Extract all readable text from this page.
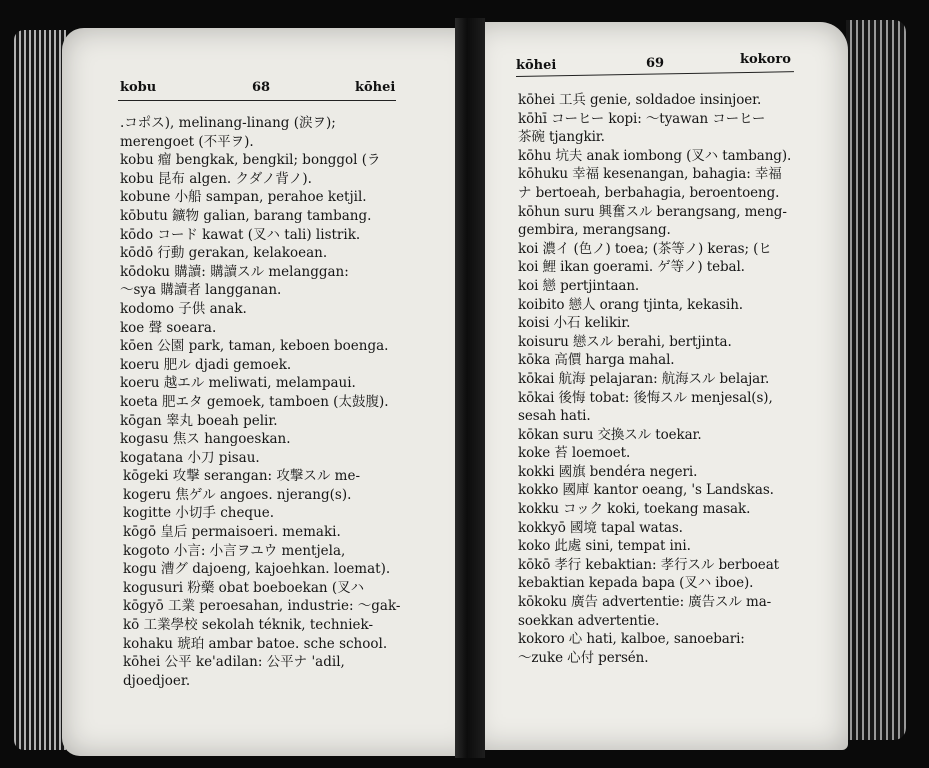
kobu	68	kōhei
kōhei	69	kokoro
.コポス), melinang-linang (涙ヲ);
merengoet (不平ヲ).
kobu 瘤 bengkak, bengkil; bonggol (ラ
kobu 昆布 algen. クダノ背ノ).
kobune 小船 sampan, perahoe ketjil.
kōbutu 鑛物 galian, barang tambang.
kōdo コード kawat (叉ハ tali) listrik.
kōdō 行動 gerakan, kelakoean.
kōdoku 購讀: 購讀スル melanggan:
～sya 購讀者 langganan.
kodomo 子供 anak.
koe 聲 soeara.
kōen 公園 park, taman, keboen boenga.
koeru 肥ル djadi gemoek.
koeru 越エル meliwati, melampaui.
koeta 肥エタ gemoek, tamboen (太鼓腹).
kōgan 睾丸 boeah pelir.
kogasu 焦ス hangoeskan.
kogatana 小刀 pisau.
kōgeki 攻撃 serangan: 攻撃スル me-
kogeru 焦ゲル angoes. njerang(s).
kogitte 小切手 cheque.
kōgō 皇后 permaisoeri. memaki.
kogoto 小言: 小言ヲユウ mentjela,
kogu 漕グ dajoeng, kajoehkan. loemat).
kogusuri 粉藥 obat boeboekan (叉ハ
kōgyō 工業 peroesahan, industrie: ～gak-
kō 工業學校 sekolah téknik, techniek-
kohaku 琥珀 ambar batoe. sche school.
kōhei 公平 ke'adilan: 公平ナ 'adil,
djoedjoer.
kōhei 工兵 genie, soldadoe insinjoer.
kōhī コーヒー kopi: ～tyawan コーヒー
茶碗 tjangkir.
kōhu 坑夫 anak iombong (叉ハ tambang).
kōhuku 幸福 kesenangan, bahagia: 幸福
ナ bertoeah, berbahagia, beroentoeng.
kōhun suru 興奮スル berangsang, meng-
gembira, merangsang.
koi 濃イ (色ノ) toea; (茶等ノ) keras; (ヒ
koi 鯉 ikan goerami. ゲ等ノ) tebal.
koi 戀 pertjintaan.
koibito 戀人 orang tjinta, kekasih.
koisi 小石 kelikir.
koisuru 戀スル berahi, bertjinta.
kōka 高價 harga mahal.
kōkai 航海 pelajaran: 航海スル belajar.
kōkai 後悔 tobat: 後悔スル menjesal(s),
sesah hati.
kōkan suru 交換スル toekar.
koke 苔 loemoet.
kokki 國旗 bendéra negeri.
kokko 國庫 kantor oeang, 's Landskas.
kokku コック koki, toekang masak.
kokkyō 國境 tapal watas.
koko 此處 sini, tempat ini.
kōkō 孝行 kebaktian: 孝行スル berboeat
kebaktian kepada bapa (叉ハ iboe).
kōkoku 廣告 advertentie: 廣告スル ma-
soekkan advertentie.
kokoro 心 hati, kalboe, sanoebari:
～zuke 心付 persén.
